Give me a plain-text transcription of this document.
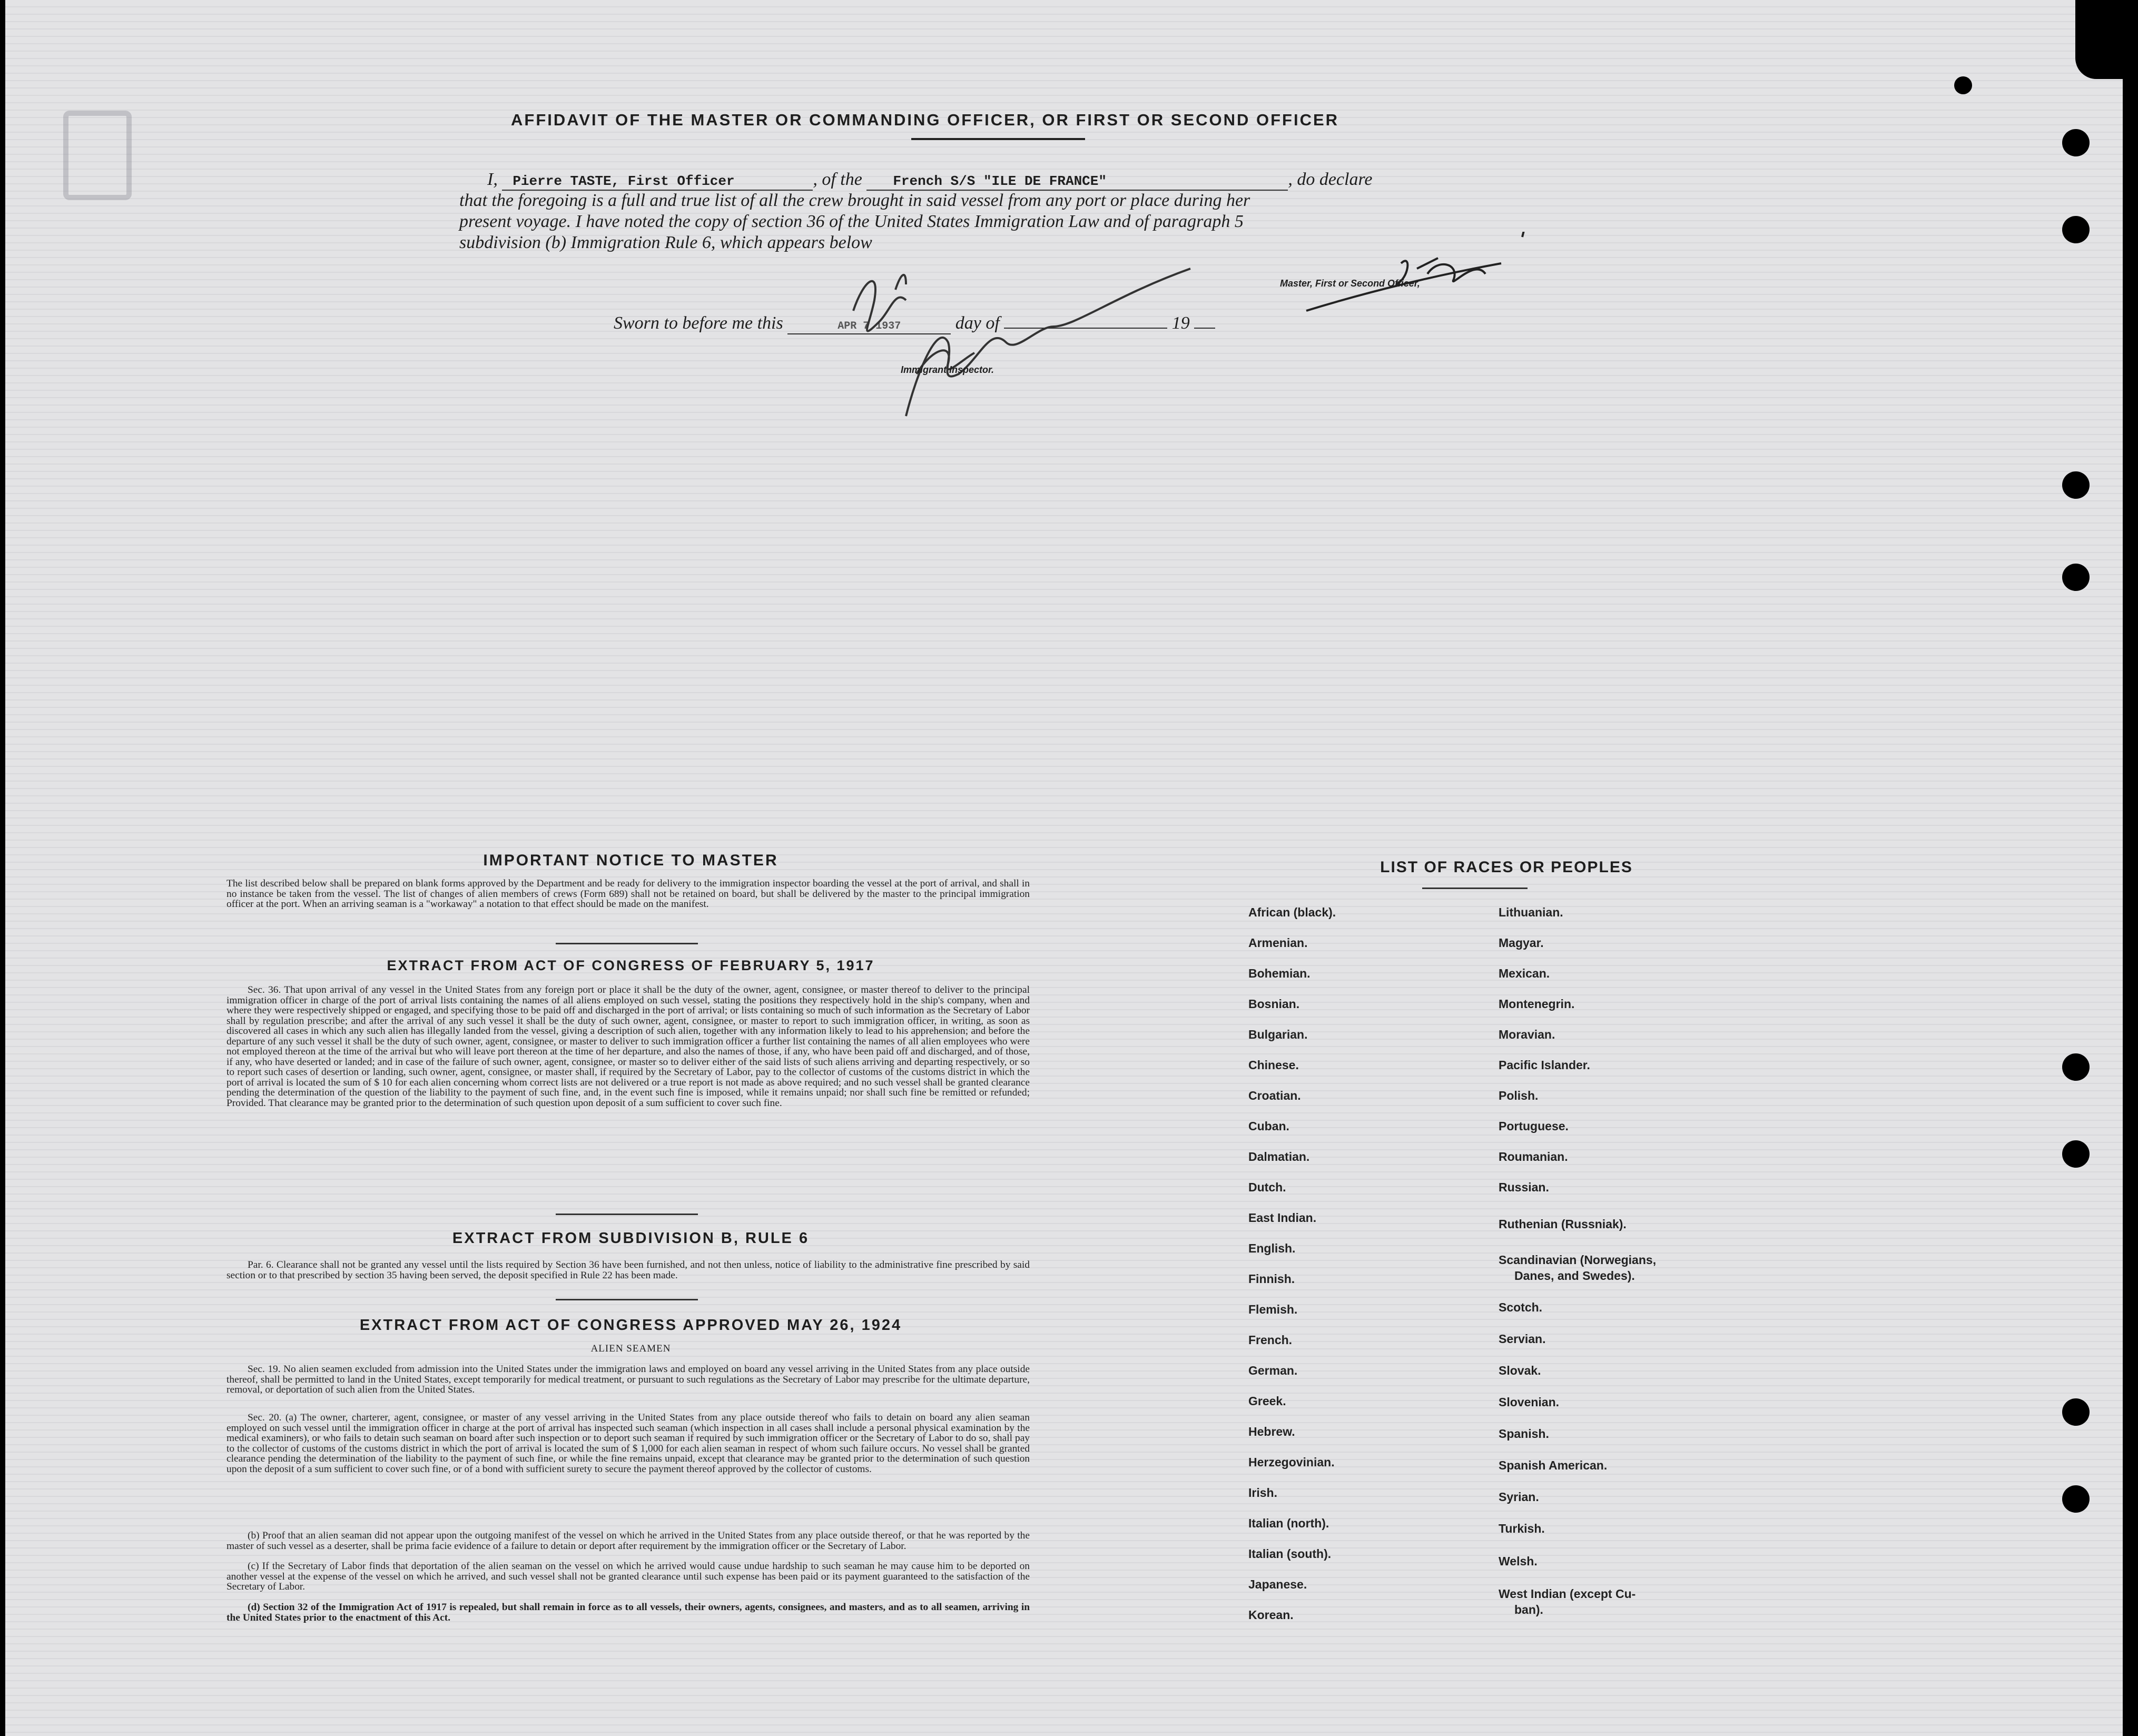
AFFIDAVIT OF THE MASTER OR COMMANDING OFFICER, OR FIRST OR SECOND OFFICER
I, Pierre TASTE, First Officer	, of the French S/S "ILE DE FRANCE"	, do declare
that the foregoing is a full and true list of all the crew brought in said vessel from any port or place during her
present voyage. I have noted the copy of section 36 of the United States Immigration Law and of paragraph 5
subdivision (b) Immigration Rule 6, which appears below
Master, First or Second Officer,
Sworn to before me this	APR 7 1937	day of	19
Immigrant Inspector.
IMPORTANT NOTICE TO MASTER
The list described below shall be prepared on blank forms approved by the Department and be ready for delivery to the immigration inspector boarding the vessel at the port of arrival, and shall in no instance be taken from the vessel. The list of changes of alien members of crews (Form 689) shall not be retained on board, but shall be delivered by the master to the principal immigration officer at the port. When an arriving seaman is a "workaway" a notation to that effect should be made on the manifest.
EXTRACT FROM ACT OF CONGRESS OF FEBRUARY 5, 1917
Sec. 36. That upon arrival of any vessel in the United States from any foreign port or place it shall be the duty of the owner, agent, consignee, or master thereof to deliver to the principal immigration officer in charge of the port of arrival lists containing the names of all aliens employed on such vessel, stating the positions they respectively hold in the ship's company, when and where they were respectively shipped or engaged, and specifying those to be paid off and discharged in the port of arrival; or lists containing so much of such information as the Secretary of Labor shall by regulation prescribe; and after the arrival of any such vessel it shall be the duty of such owner, agent, consignee, or master to report to such immigration officer, in writing, as soon as discovered all cases in which any such alien has illegally landed from the vessel, giving a description of such alien, together with any information likely to lead to his apprehension; and before the departure of any such vessel it shall be the duty of such owner, agent, consignee, or master to deliver to such immigration officer a further list containing the names of all alien employees who were not employed thereon at the time of the arrival but who will leave port thereon at the time of her departure, and also the names of those, if any, who have been paid off and discharged, and of those, if any, who have deserted or landed; and in case of the failure of such owner, agent, consignee, or master so to deliver either of the said lists of such aliens arriving and departing respectively, or so to report such cases of desertion or landing, such owner, agent, consignee, or master shall, if required by the Secretary of Labor, pay to the collector of customs of the customs district in which the port of arrival is located the sum of $ 10 for each alien concerning whom correct lists are not delivered or a true report is not made as above required; and no such vessel shall be granted clearance pending the determination of the question of the liability to the payment of such fine, and, in the event such fine is imposed, while it remains unpaid; nor shall such fine be remitted or refunded; Provided. That clearance may be granted prior to the determination of such question upon deposit of a sum sufficient to cover such fine.
EXTRACT FROM SUBDIVISION B, RULE 6
Par. 6. Clearance shall not be granted any vessel until the lists required by Section 36 have been furnished, and not then unless, notice of liability to the administrative fine prescribed by said section or to that prescribed by section 35 having been served, the deposit specified in Rule 22 has been made.
EXTRACT FROM ACT OF CONGRESS APPROVED MAY 26, 1924
ALIEN SEAMEN
Sec. 19. No alien seamen excluded from admission into the United States under the immigration laws and employed on board any vessel arriving in the United States from any place outside thereof, shall be permitted to land in the United States, except temporarily for medical treatment, or pursuant to such regulations as the Secretary of Labor may prescribe for the ultimate departure, removal, or deportation of such alien from the United States.
Sec. 20. (a) The owner, charterer, agent, consignee, or master of any vessel arriving in the United States from any place outside thereof who fails to detain on board any alien seaman employed on such vessel until the immigration officer in charge at the port of arrival has inspected such seaman (which inspection in all cases shall include a personal physical examination by the medical examiners), or who fails to detain such seaman on board after such inspection or to deport such seaman if required by such immigration officer or the Secretary of Labor to do so, shall pay to the collector of customs of the customs district in which the port of arrival is located the sum of $ 1,000 for each alien seaman in respect of whom such failure occurs. No vessel shall be granted clearance pending the determination of the liability to the payment of such fine, or while the fine remains unpaid, except that clearance may be granted prior to the determination of such question upon the deposit of a sum sufficient to cover such fine, or of a bond with sufficient surety to secure the payment thereof approved by the collector of customs.
(b) Proof that an alien seaman did not appear upon the outgoing manifest of the vessel on which he arrived in the United States from any place outside thereof, or that he was reported by the master of such vessel as a deserter, shall be prima facie evidence of a failure to detain or deport after requirement by the immigration officer or the Secretary of Labor.
(c) If the Secretary of Labor finds that deportation of the alien seaman on the vessel on which he arrived would cause undue hardship to such seaman he may cause him to be deported on another vessel at the expense of the vessel on which he arrived, and such vessel shall not be granted clearance until such expense has been paid or its payment guaranteed to the satisfaction of the Secretary of Labor.
(d) Section 32 of the Immigration Act of 1917 is repealed, but shall remain in force as to all vessels, their owners, agents, consignees, and masters, and as to all seamen, arriving in the United States prior to the enactment of this Act.
LIST OF RACES OR PEOPLES
African (black).
Armenian.
Bohemian.
Bosnian.
Bulgarian.
Chinese.
Croatian.
Cuban.
Dalmatian.
Dutch.
East Indian.
English.
Finnish.
Flemish.
French.
German.
Greek.
Hebrew.
Herzegovinian.
Irish.
Italian (north).
Italian (south).
Japanese.
Korean.
Lithuanian.
Magyar.
Mexican.
Montenegrin.
Moravian.
Pacific Islander.
Polish.
Portuguese.
Roumanian.
Russian.
Ruthenian (Russniak).
Scandinavian (Norwegians,
Danes, and Swedes).
Scotch.
Servian.
Slovak.
Slovenian.
Spanish.
Spanish American.
Syrian.
Turkish.
Welsh.
West Indian (except Cu-
ban).
